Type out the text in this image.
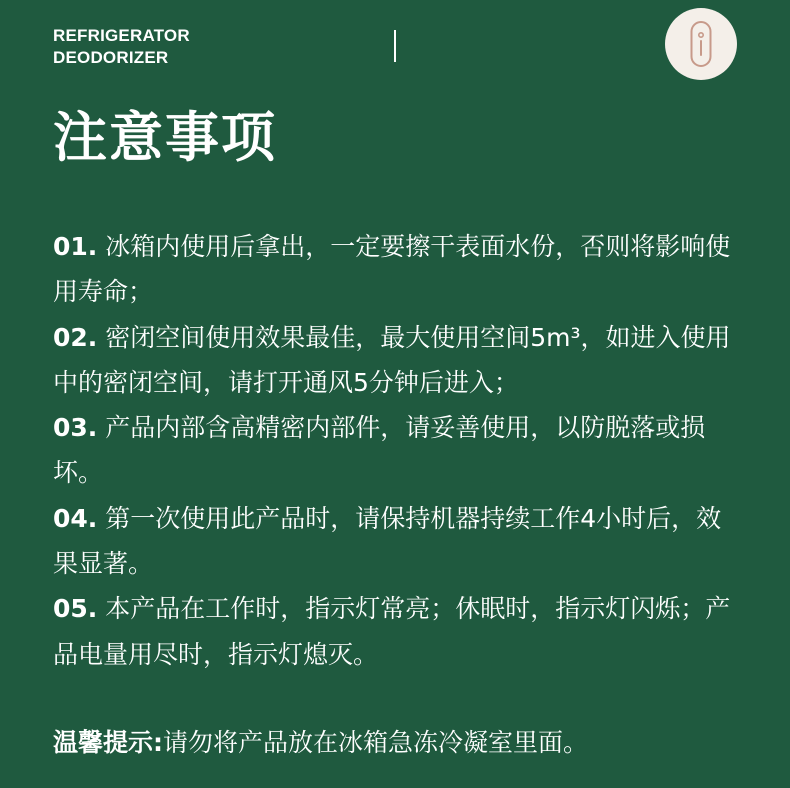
REFRIGERATOR
DEODORIZER
注意事项

01. 冰箱内使用后拿出，一定要擦干表面水份，否则将影响使用寿命；

02. 密闭空间使用效果最佳，最大使用空间5m³，如进入使用中的密闭空间，请打开通风5分钟后进入；

03. 产品内部含高精密内部件，请妥善使用，以防脱落或损坏。

04. 第一次使用此产品时，请保持机器持续工作4小时后，效果显著。

05. 本产品在工作时，指示灯常亮；休眠时，指示灯闪烁；产品电量用尽时，指示灯熄灭。

温馨提示:请勿将产品放在冰箱急冻冷凝室里面。
